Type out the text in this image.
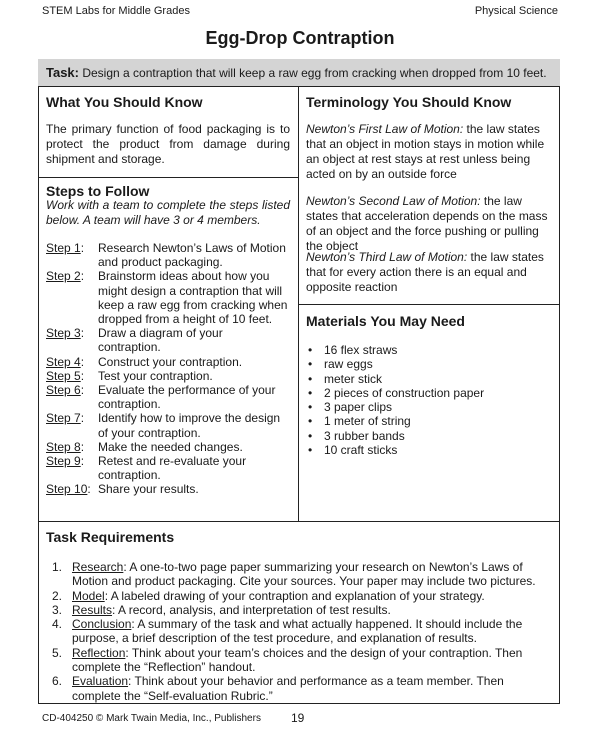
STEM Labs for Middle Grades	Physical Science
Egg-Drop Contraption
Task: Design a contraption that will keep a raw egg from cracking when dropped from 10 feet.
What You Should Know
The primary function of food packaging is to protect the product from damage during shipment and storage.
Steps to Follow
Work with a team to complete the steps listed below. A team will have 3 or 4 members.
Step 1:	Research Newton’s Laws of Motion and product packaging.
Step 2:	Brainstorm ideas about how you might design a contraption that will keep a raw egg from cracking when dropped from a height of 10 feet.
Step 3:	Draw a diagram of your contraption.
Step 4:	Construct your contraption.
Step 5:	Test your contraption.
Step 6:	Evaluate the performance of your contraption.
Step 7:	Identify how to improve the design of your contraption.
Step 8:	Make the needed changes.
Step 9:	Retest and re-evaluate your contraption.
Step 10: Share your results.
Terminology You Should Know
Newton’s First Law of Motion: the law states that an object in motion stays in motion while an object at rest stays at rest unless being acted on by an outside force
Newton’s Second Law of Motion: the law states that acceleration depends on the mass of an object and the force pushing or pulling the object
Newton’s Third Law of Motion: the law states that for every action there is an equal and opposite reaction
Materials You May Need
• 16 flex straws
• raw eggs
• meter stick
• 2 pieces of construction paper
• 3 paper clips
• 1 meter of string
• 3 rubber bands
• 10 craft sticks
Task Requirements
1. Research: A one-to-two page paper summarizing your research on Newton’s Laws of Motion and product packaging. Cite your sources. Your paper may include two pictures.
2. Model: A labeled drawing of your contraption and explanation of your strategy.
3. Results: A record, analysis, and interpretation of test results.
4. Conclusion: A summary of the task and what actually happened. It should include the purpose, a brief description of the test procedure, and explanation of results.
5. Reflection: Think about your team’s choices and the design of your contraption. Then complete the “Reflection” handout.
6. Evaluation: Think about your behavior and performance as a team member. Then complete the “Self-evaluation Rubric.”
CD-404250 © Mark Twain Media, Inc., Publishers	19
